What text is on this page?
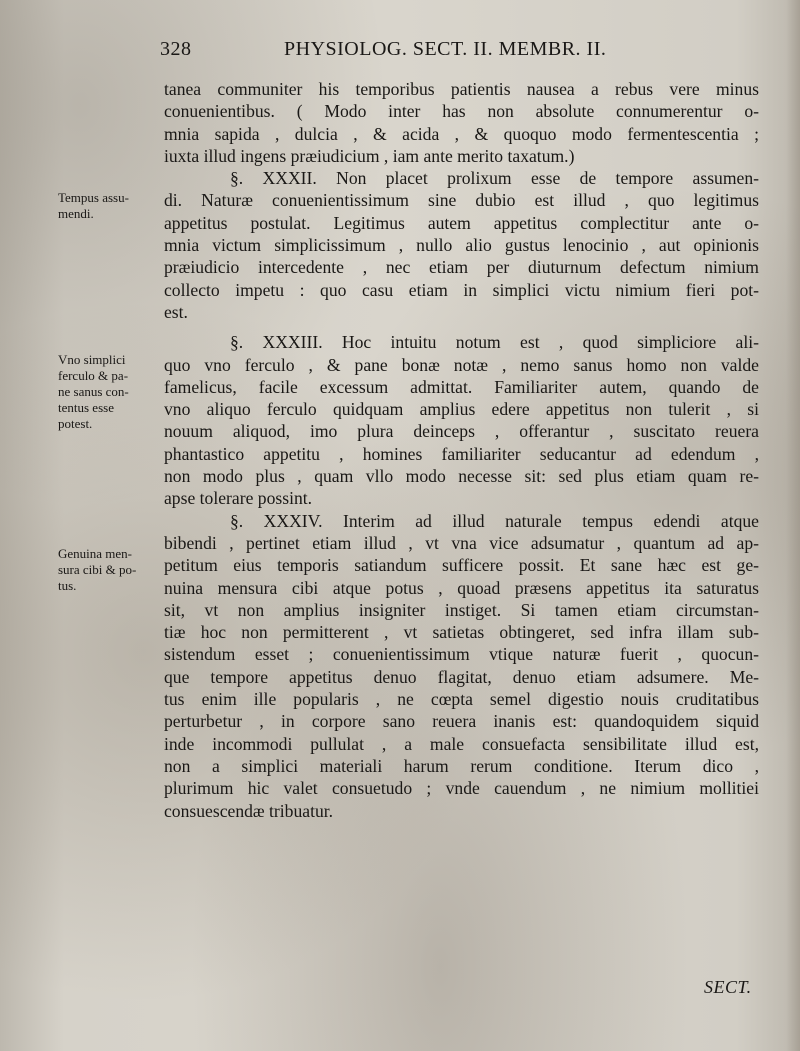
328	PHYSIOLOG. SECT. II. MEMBR. II.
tanea communiter his temporibus patientis nausea a rebus vere minus
conuenientibus. ( Modo inter has non absolute connumerentur o-
mnia sapida , dulcia , & acida , & quoquo modo fermentescentia ;
iuxta illud ingens præiudicium , iam ante merito taxatum.)
§. XXXII. Non placet prolixum esse de tempore assumen-
di. Naturæ conuenientissimum sine dubio est illud , quo legitimus
appetitus postulat. Legitimus autem appetitus complectitur ante o-
mnia victum simplicissimum , nullo alio gustus lenocinio , aut opinionis
præiudicio intercedente , nec etiam per diuturnum defectum nimium
collecto impetu : quo casu etiam in simplici victu nimium fieri pot-
est.
§. XXXIII. Hoc intuitu notum est , quod simpliciore ali-
quo vno ferculo , & pane bonæ notæ , nemo sanus homo non valde
famelicus, facile excessum admittat. Familiariter autem, quando de
vno aliquo ferculo quidquam amplius edere appetitus non tulerit , si
nouum aliquod, imo plura deinceps , offerantur , suscitato reuera
phantastico appetitu , homines familiariter seducantur ad edendum ,
non modo plus , quam vllo modo necesse sit: sed plus etiam quam re-
apse tolerare possint.
§. XXXIV. Interim ad illud naturale tempus edendi atque
bibendi , pertinet etiam illud , vt vna vice adsumatur , quantum ad ap-
petitum eius temporis satiandum sufficere possit. Et sane hæc est ge-
nuina mensura cibi atque potus , quoad præsens appetitus ita saturatus
sit, vt non amplius insigniter instiget. Si tamen etiam circumstan-
tiæ hoc non permitterent , vt satietas obtingeret, sed infra illam sub-
sistendum esset ; conuenientissimum vtique naturæ fuerit , quocun-
que tempore appetitus denuo flagitat, denuo etiam adsumere. Me-
tus enim ille popularis , ne cœpta semel digestio nouis cruditatibus
perturbetur , in corpore sano reuera inanis est: quandoquidem siquid
inde incommodi pullulat , a male consuefacta sensibilitate illud est,
non a simplici materiali harum rerum conditione. Iterum dico ,
plurimum hic valet consuetudo ; vnde cauendum , ne nimium mollitiei
consuescendæ tribuatur.
Tempus assu-
mendi.
Vno simplici
ferculo & pa-
ne sanus con-
tentus esse
potest.
Genuina men-
sura cibi & po-
tus.
SECT.
